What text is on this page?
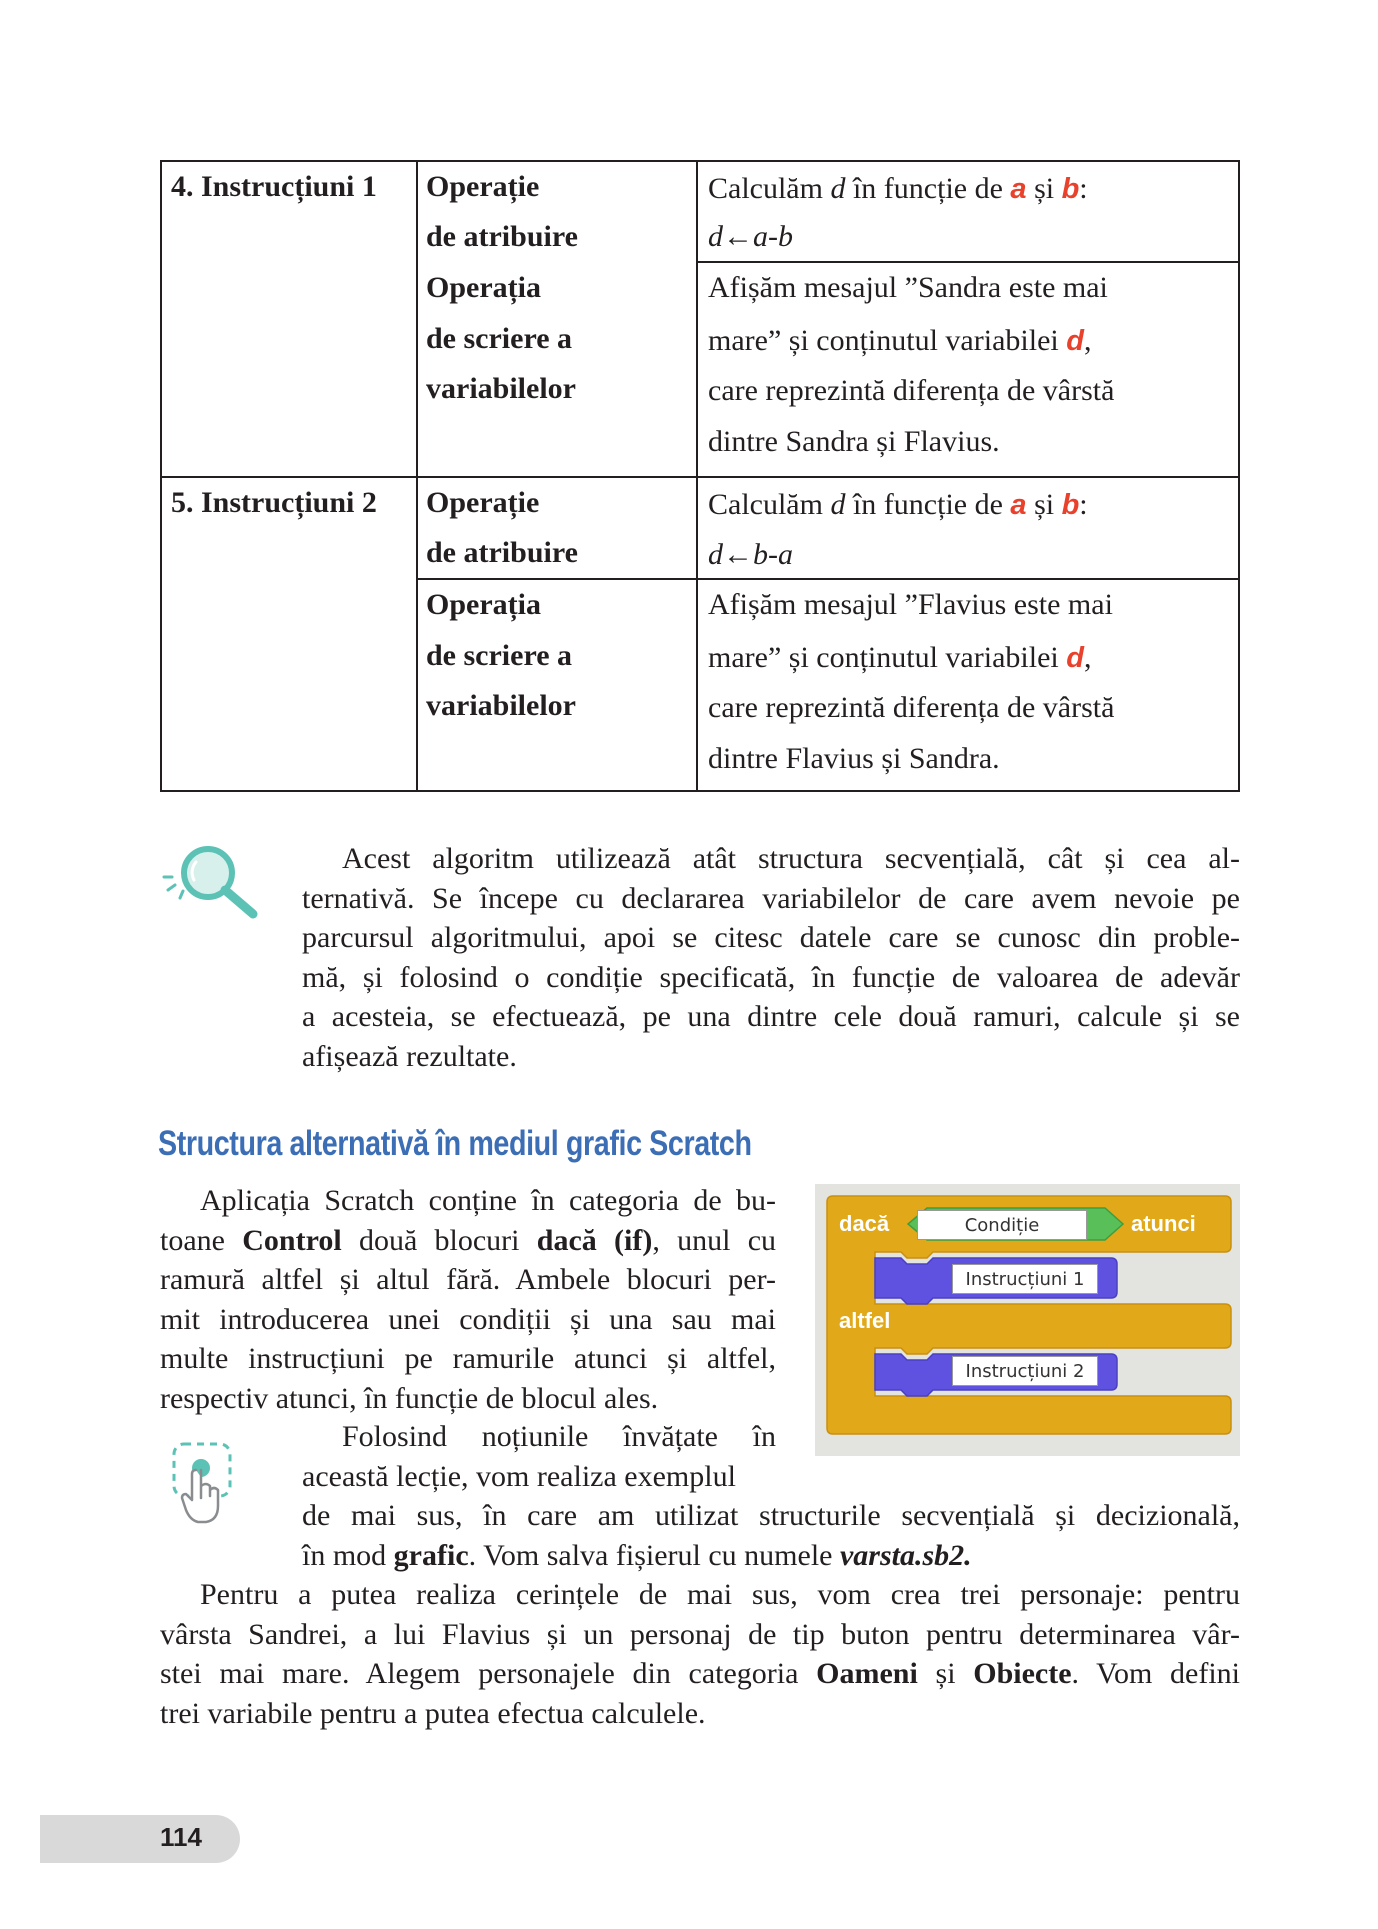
4. Instrucțiuni 1 Operație
de atribuire
Calculăm d în funcție de a și b:
d←a-b
Operația
de scriere a
variabilelor
Afișăm mesajul ”Sandra este mai
mare” și conținutul variabilei d,
care reprezintă diferența de vârstă
dintre Sandra și Flavius.
5. Instrucțiuni 2 Operație
de atribuire
Calculăm d în funcție de a și b:
d←b-a
Operația
de scriere a
variabilelor
Afișăm mesajul ”Flavius este mai
mare” și conținutul variabilei d,
care reprezintă diferența de vârstă
dintre Flavius și Sandra.
Acest algoritm utilizează atât structura secvențială, cât și cea al-
ternativă. Se începe cu declararea variabilelor de care avem nevoie pe
parcursul algoritmului, apoi se citesc datele care se cunosc din proble-
mă, și folosind o condiție specificată, în funcție de valoarea de adevăr
a acesteia, se efectuează, pe una dintre cele două ramuri, calcule și se
afișează rezultate.
Structura alternativă în mediul grafic Scratch
Aplicația Scratch conține în categoria de bu-
toane Control două blocuri dacă (if), unul cu
ramură altfel și altul fără. Ambele blocuri per-
mit introducerea unei condiții și una sau mai
multe instrucțiuni pe ramurile atunci și altfel,
respectiv atunci, în funcție de blocul ales.
dacă	Condiție	atunci
Instrucțiuni 1
altfel
Instrucțiuni 2
Folosind noțiunile învățate în
această lecție, vom realiza exemplul
de mai sus, în care am utilizat structurile secvențială și decizională,
în mod grafic. Vom salva fișierul cu numele varsta.sb2.
Pentru a putea realiza cerințele de mai sus, vom crea trei personaje: pentru
vârsta Sandrei, a lui Flavius și un personaj de tip buton pentru determinarea vâr-
stei mai mare. Alegem personajele din categoria Oameni și Obiecte. Vom defini
trei variabile pentru a putea efectua calculele.
114
